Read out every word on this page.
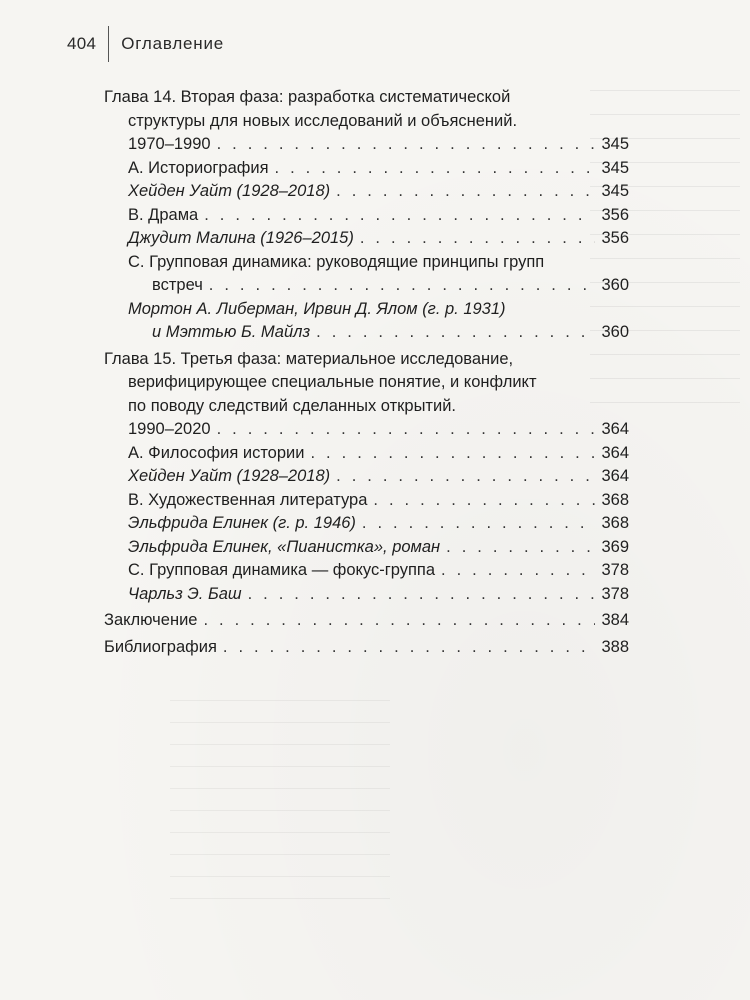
404	Оглавление
Глава 14. Вторая фаза: разработка систематической
структуры для новых исследований и объяснений.
1970–1990 . . .	345
А. Историография . . .	345
Хейден Уайт (1928–2018) . . .	345
В. Драма . . .	356
Джудит Малина (1926–2015) . . .	356
С. Групповая динамика: руководящие принципы групп
встреч . . .	360
Мортон А. Либерман, Ирвин Д. Ялом (г. р. 1931)
и Мэттью Б. Майлз . . .	360
Глава 15. Третья фаза: материальное исследование,
верифицирующее специальные понятие, и конфликт
по поводу следствий сделанных открытий.
1990–2020 . . .	364
А. Философия истории . . .	364
Хейден Уайт (1928–2018) . . .	364
В. Художественная литература . . .	368
Эльфрида Елинек (г. р. 1946) . . .	368
Эльфрида Елинек, «Пианистка», роман . . .	369
С. Групповая динамика — фокус-группа . . .	378
Чарльз Э. Баш . . .	378
Заключение . . .	384
Библиография . . .	388
